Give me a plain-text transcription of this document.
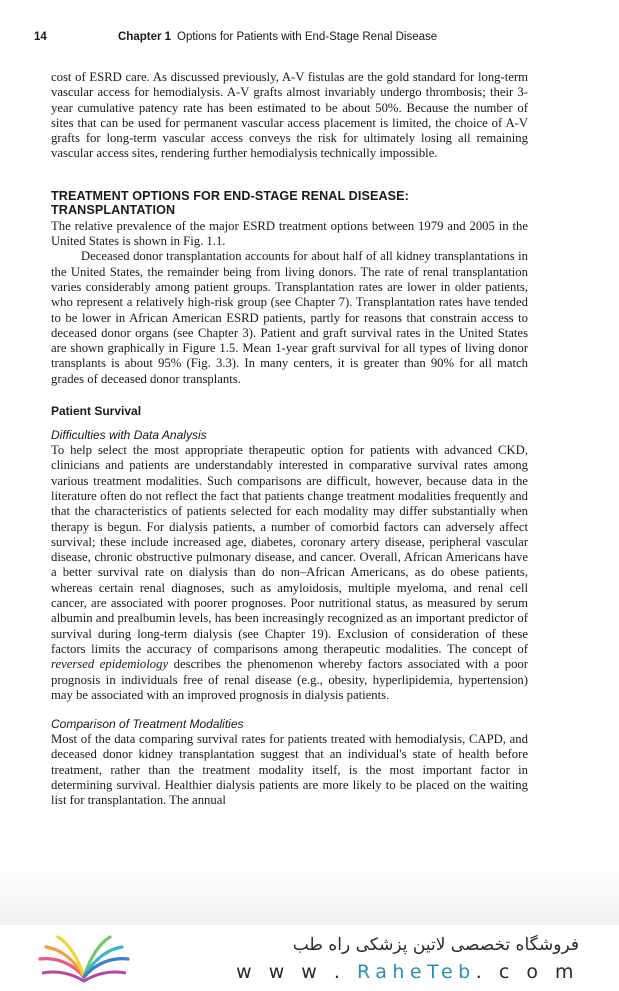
14	Chapter 1 Options for Patients with End-Stage Renal Disease

cost of ESRD care. As discussed previously, A-V fistulas are the gold standard for long-term vascular access for hemodialysis. A-V grafts almost invariably undergo thrombosis; their 3-year cumulative patency rate has been estimated to be about 50%. Because the number of sites that can be used for permanent vascular access placement is limited, the choice of A-V grafts for long-term vascular access conveys the risk for ultimately losing all remaining vascular access sites, rendering further hemodialysis technically impossible.

TREATMENT OPTIONS FOR END-STAGE RENAL DISEASE:
TRANSPLANTATION

The relative prevalence of the major ESRD treatment options between 1979 and 2005 in the United States is shown in Fig. 1.1.

Deceased donor transplantation accounts for about half of all kidney transplantations in the United States, the remainder being from living donors. The rate of renal transplantation varies considerably among patient groups. Transplantation rates are lower in older patients, who represent a relatively high-risk group (see Chapter 7). Transplantation rates have tended to be lower in African American ESRD patients, partly for reasons that constrain access to deceased donor organs (see Chapter 3). Patient and graft survival rates in the United States are shown graphically in Figure 1.5. Mean 1-year graft survival for all types of living donor transplants is about 95% (Fig. 3.3). In many centers, it is greater than 90% for all match grades of deceased donor transplants.

Patient Survival
Difficulties with Data Analysis

To help select the most appropriate therapeutic option for patients with advanced CKD, clinicians and patients are understandably interested in comparative survival rates among various treatment modalities. Such comparisons are difficult, however, because data in the literature often do not reflect the fact that patients change treatment modalities frequently and that the characteristics of patients selected for each modality may differ substantially when therapy is begun. For dialysis patients, a number of comorbid factors can adversely affect survival; these include increased age, diabetes, coronary artery disease, peripheral vascular disease, chronic obstructive pulmonary disease, and cancer. Overall, African Americans have a better survival rate on dialysis than do non–African Americans, as do obese patients, whereas certain renal diagnoses, such as amyloidosis, multiple myeloma, and renal cell cancer, are associated with poorer prognoses. Poor nutritional status, as measured by serum albumin and prealbumin levels, has been increasingly recognized as an important predictor of survival during long-term dialysis (see Chapter 19). Exclusion of consideration of these factors limits the accuracy of comparisons among therapeutic modalities. The concept of reversed epidemiology describes the phenomenon whereby factors associated with a poor prognosis in individuals free of renal disease (e.g., obesity, hyperlipidemia, hypertension) may be associated with an improved prognosis in dialysis patients.

Comparison of Treatment Modalities

Most of the data comparing survival rates for patients treated with hemodialysis, CAPD, and deceased donor kidney transplantation suggest that an individual's state of health before treatment, rather than the treatment modality itself, is the most important factor in determining survival. Healthier dialysis patients are more likely to be placed on the waiting list for transplantation. The annual

فروشگاه تخصصی لاتین پزشکی راه طب
w w w . RaheTeb. c o m
